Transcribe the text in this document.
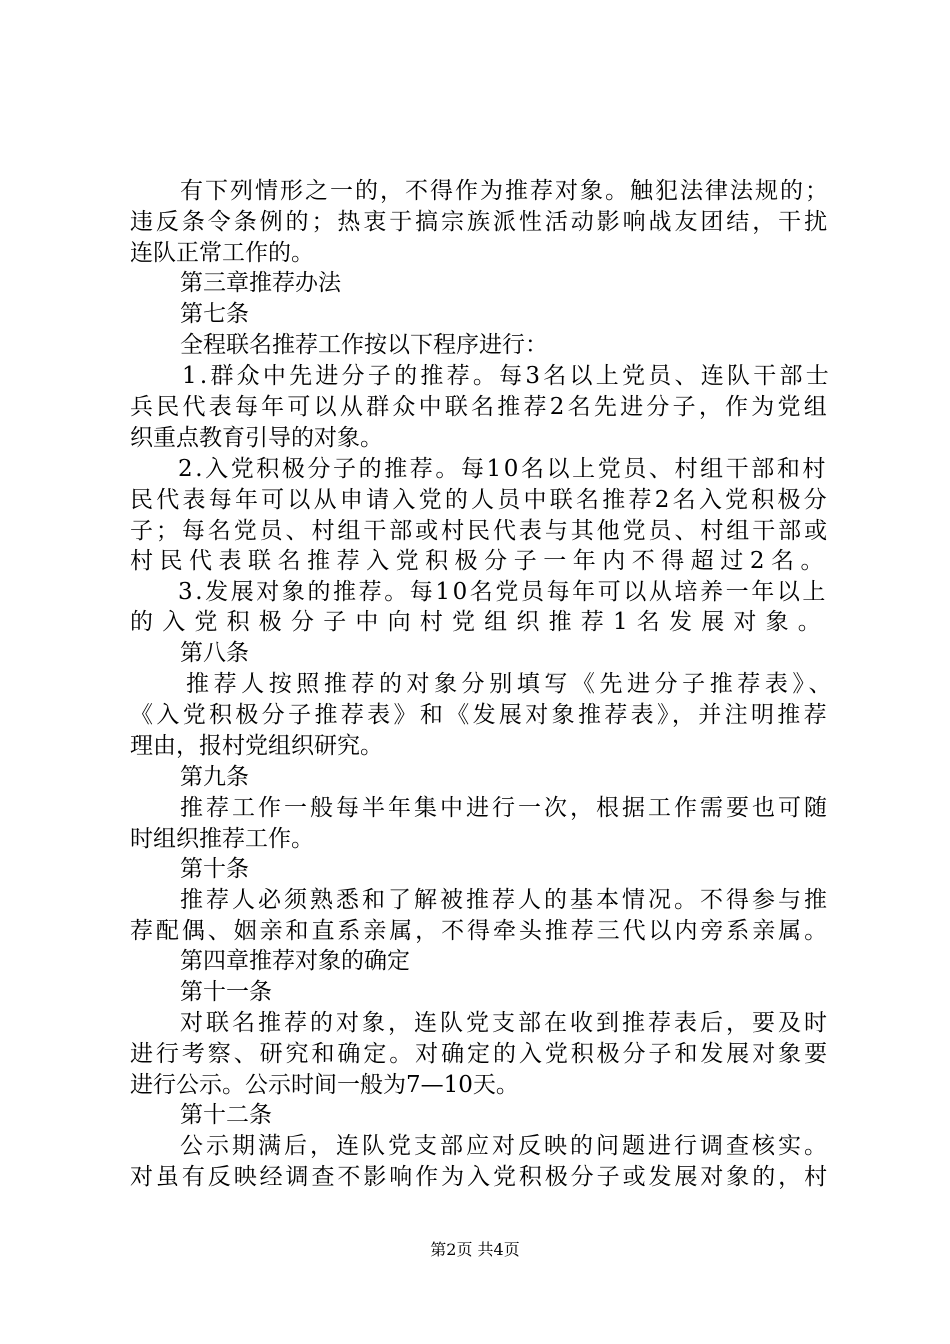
有下列情形之一的，不得作为推荐对象。触犯法律法规的；
违反条令条例的；热衷于搞宗族派性活动影响战友团结，干扰
连队正常工作的。
第三章推荐办法
第七条
全程联名推荐工作按以下程序进行：
1.群众中先进分子的推荐。每3名以上党员、连队干部士
兵民代表每年可以从群众中联名推荐2名先进分子，作为党组
织重点教育引导的对象。
2.入党积极分子的推荐。每10名以上党员、村组干部和村
民代表每年可以从申请入党的人员中联名推荐2名入党积极分
子；每名党员、村组干部或村民代表与其他党员、村组干部或
村民代表联名推荐入党积极分子一年内不得超过2名。
3.发展对象的推荐。每10名党员每年可以从培养一年以上
的入党积极分子中向村党组织推荐1名发展对象。
第八条
推荐人按照推荐的对象分别填写《先进分子推荐表》、
《入党积极分子推荐表》和《发展对象推荐表》，并注明推荐
理由，报村党组织研究。
第九条
推荐工作一般每半年集中进行一次，根据工作需要也可随
时组织推荐工作。
第十条
推荐人必须熟悉和了解被推荐人的基本情况。不得参与推
荐配偶、姻亲和直系亲属，不得牵头推荐三代以内旁系亲属。
第四章推荐对象的确定
第十一条
对联名推荐的对象，连队党支部在收到推荐表后，要及时
进行考察、研究和确定。对确定的入党积极分子和发展对象要
进行公示。公示时间一般为7—10天。
第十二条
公示期满后，连队党支部应对反映的问题进行调查核实。
对虽有反映经调查不影响作为入党积极分子或发展对象的，村
第2页 共4页
